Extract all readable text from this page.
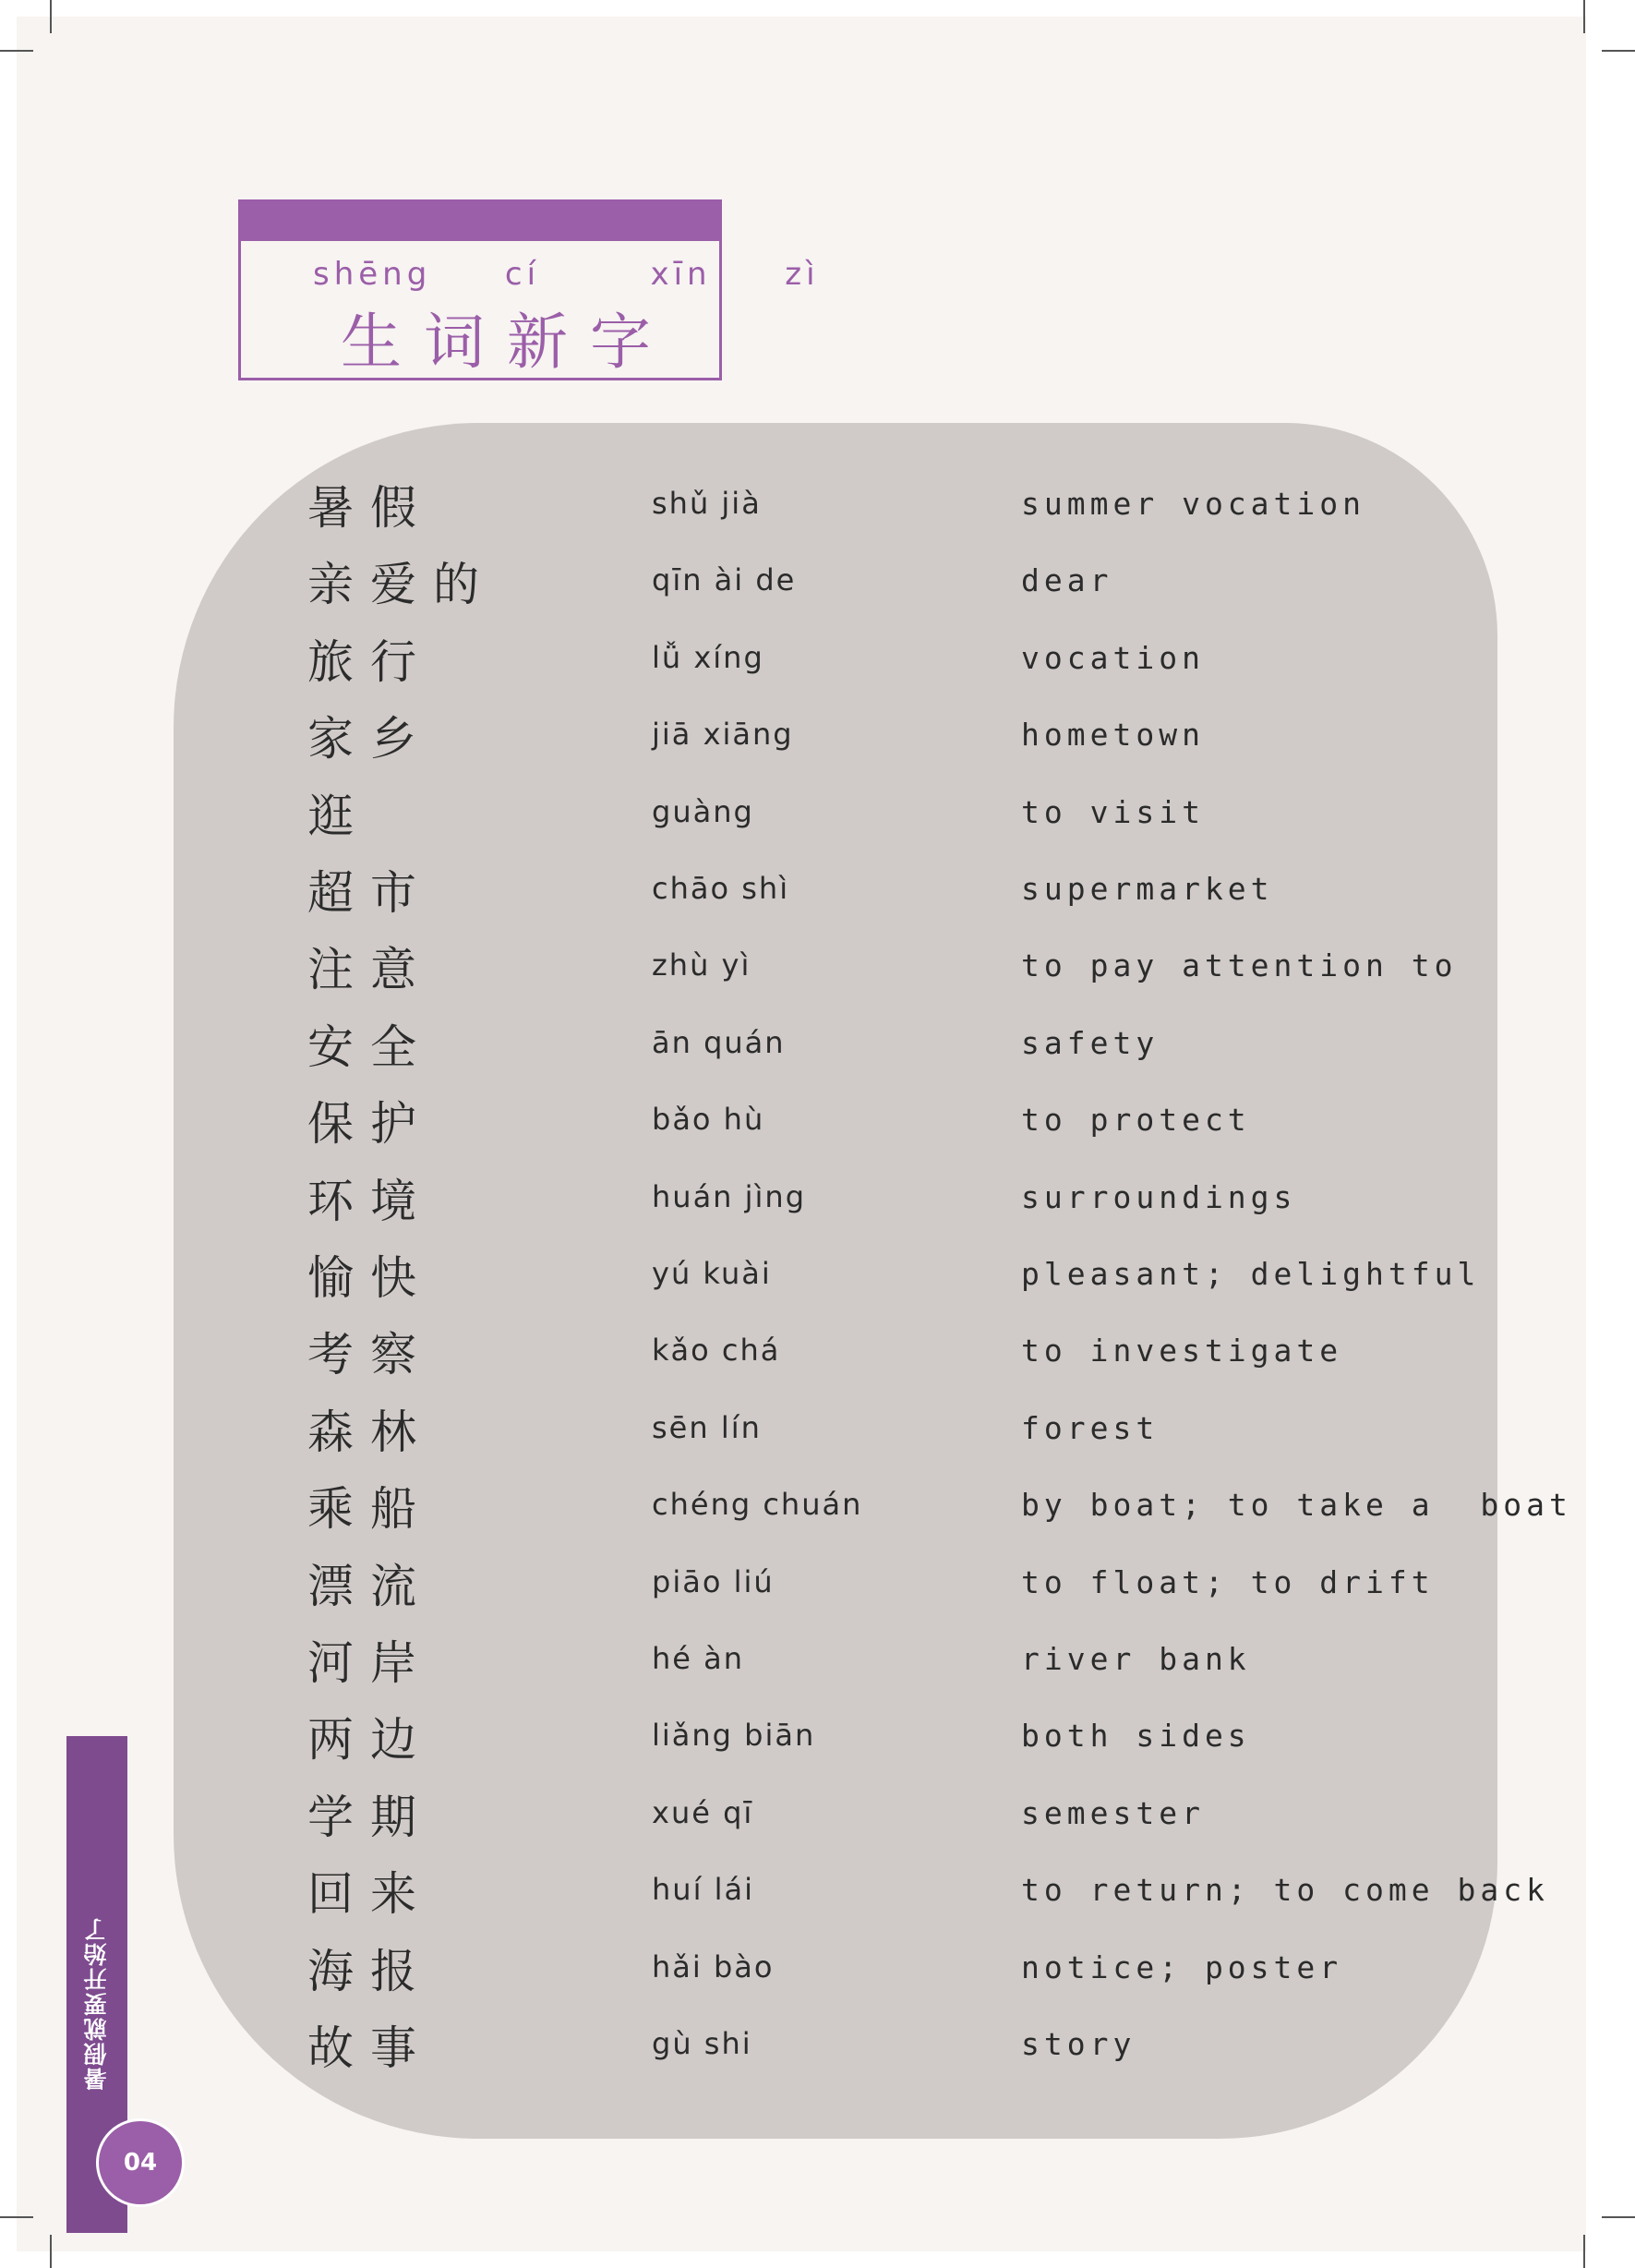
shēng  cí   xīn  zì
生词新字
暑假	shǔ jià	summer vocation
亲爱的	qīn ài de	dear
旅行	lǚ xíng	vocation
家乡	jiā xiāng	hometown
逛	guàng	to visit
超市	chāo shì	supermarket
注意	zhù yì	to pay attention to
安全	ān quán	safety
保护	bǎo hù	to protect
环境	huán jìng	surroundings
愉快	yú kuài	pleasant; delightful
考察	kǎo chá	to investigate
森林	sēn lín	forest
乘船	chéng chuán	by boat; to take a  boat
漂流	piāo liú	to float; to drift
河岸	hé àn	river bank
两边	liǎng biān	both sides
学期	xué qī	semester
回来	huí lái	to return; to come back
海报	hǎi bào	notice; poster
故事	gù shi	story
暑假就要开始了
04
